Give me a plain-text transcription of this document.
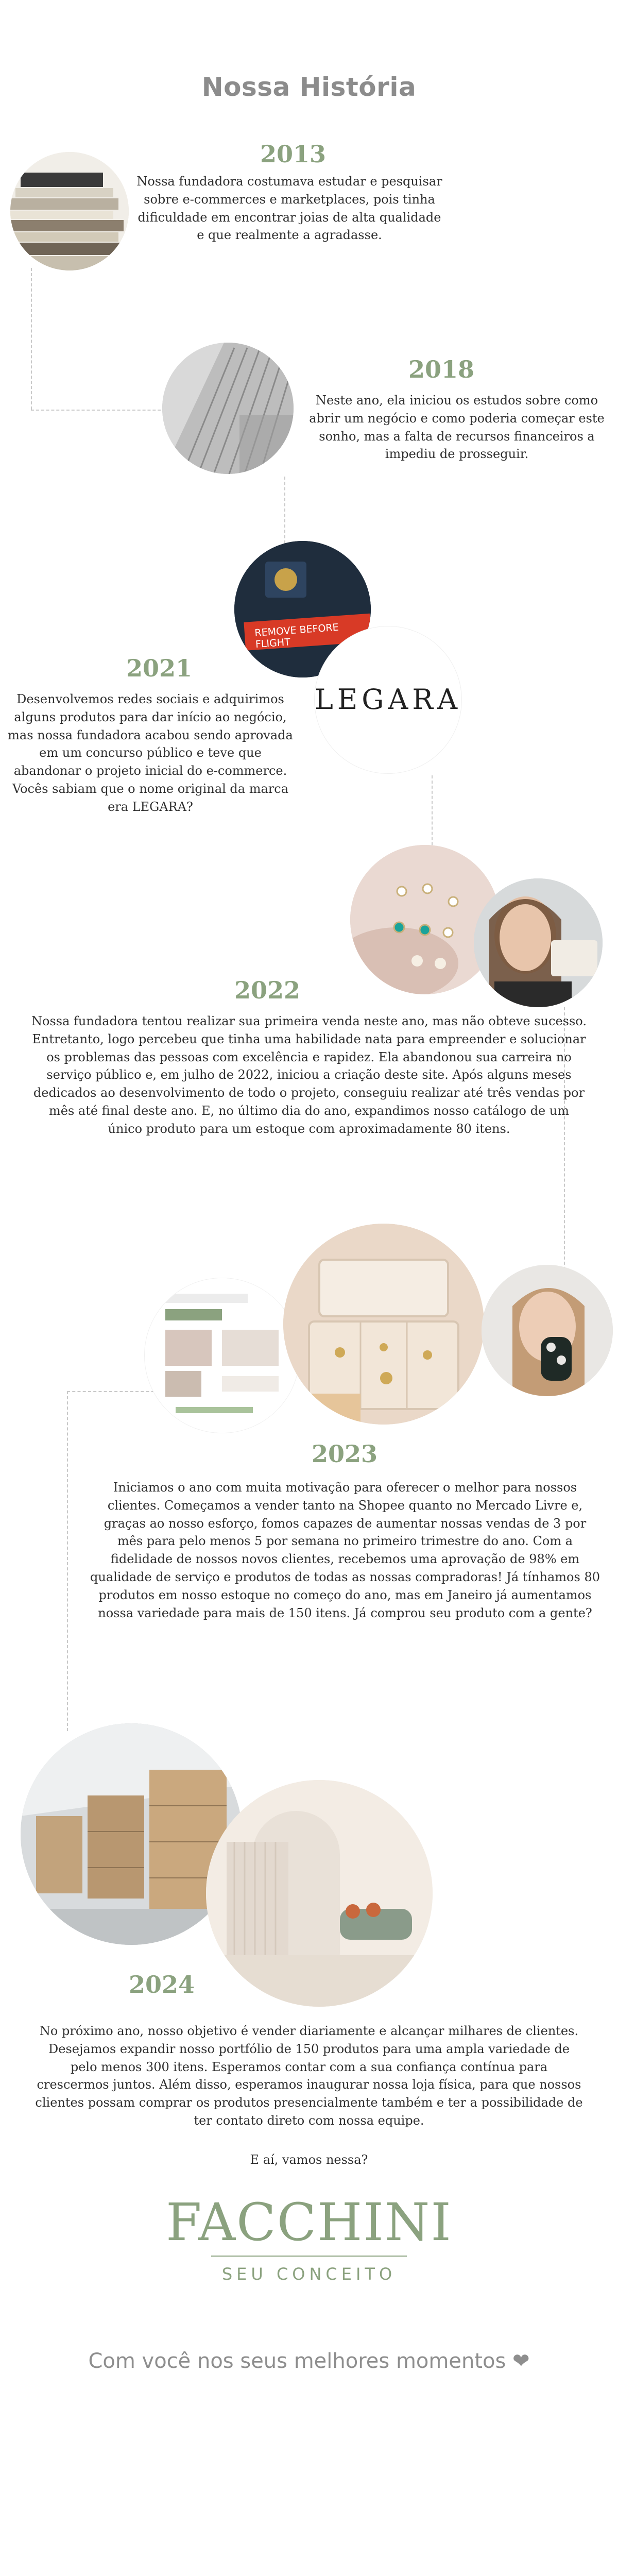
Nossa História
2013
Nossa fundadora costumava estudar e pesquisar sobre e-commerces e marketplaces, pois tinha dificuldade em encontrar joias de alta qualidade e que realmente a agradasse.
2018
Neste ano, ela iniciou os estudos sobre como abrir um negócio e como poderia começar este sonho, mas a falta de recursos financeiros a impediu de prosseguir.
REMOVE BEFORE FLIGHT
LEGARA
2021
Desenvolvemos redes sociais e adquirimos alguns produtos para dar início ao negócio, mas nossa fundadora acabou sendo aprovada em um concurso público e teve que abandonar o projeto inicial do e-commerce. Vocês sabiam que o nome original da marca era LEGARA?
2022
Nossa fundadora tentou realizar sua primeira venda neste ano, mas não obteve sucesso. Entretanto, logo percebeu que tinha uma habilidade nata para empreender e solucionar os problemas das pessoas com excelência e rapidez. Ela abandonou sua carreira no serviço público e, em julho de 2022, iniciou a criação deste site. Após alguns meses dedicados ao desenvolvimento de todo o projeto, conseguiu realizar até três vendas por mês até final deste ano. E, no último dia do ano, expandimos nosso catálogo de um único produto para um estoque com aproximadamente 80 itens.
2023
Iniciamos o ano com muita motivação para oferecer o melhor para nossos clientes. Começamos a vender tanto na Shopee quanto no Mercado Livre e, graças ao nosso esforço, fomos capazes de aumentar nossas vendas de 3 por mês para pelo menos 5 por semana no primeiro trimestre do ano. Com a fidelidade de nossos novos clientes, recebemos uma aprovação de 98% em qualidade de serviço e produtos de todas as nossas compradoras! Já tínhamos 80 produtos em nosso estoque no começo do ano, mas em Janeiro já aumentamos nossa variedade para mais de 150 itens. Já comprou seu produto com a gente?
2024
No próximo ano, nosso objetivo é vender diariamente e alcançar milhares de clientes. Desejamos expandir nosso portfólio de 150 produtos para uma ampla variedade de pelo menos 300 itens. Esperamos contar com a sua confiança contínua para crescermos juntos. Além disso, esperamos inaugurar nossa loja física, para que nossos clientes possam comprar os produtos presencialmente também e ter a possibilidade de ter contato direto com nossa equipe.
E aí, vamos nessa?
FACCHINI
SEU CONCEITO
Com você nos seus melhores momentos ❤
